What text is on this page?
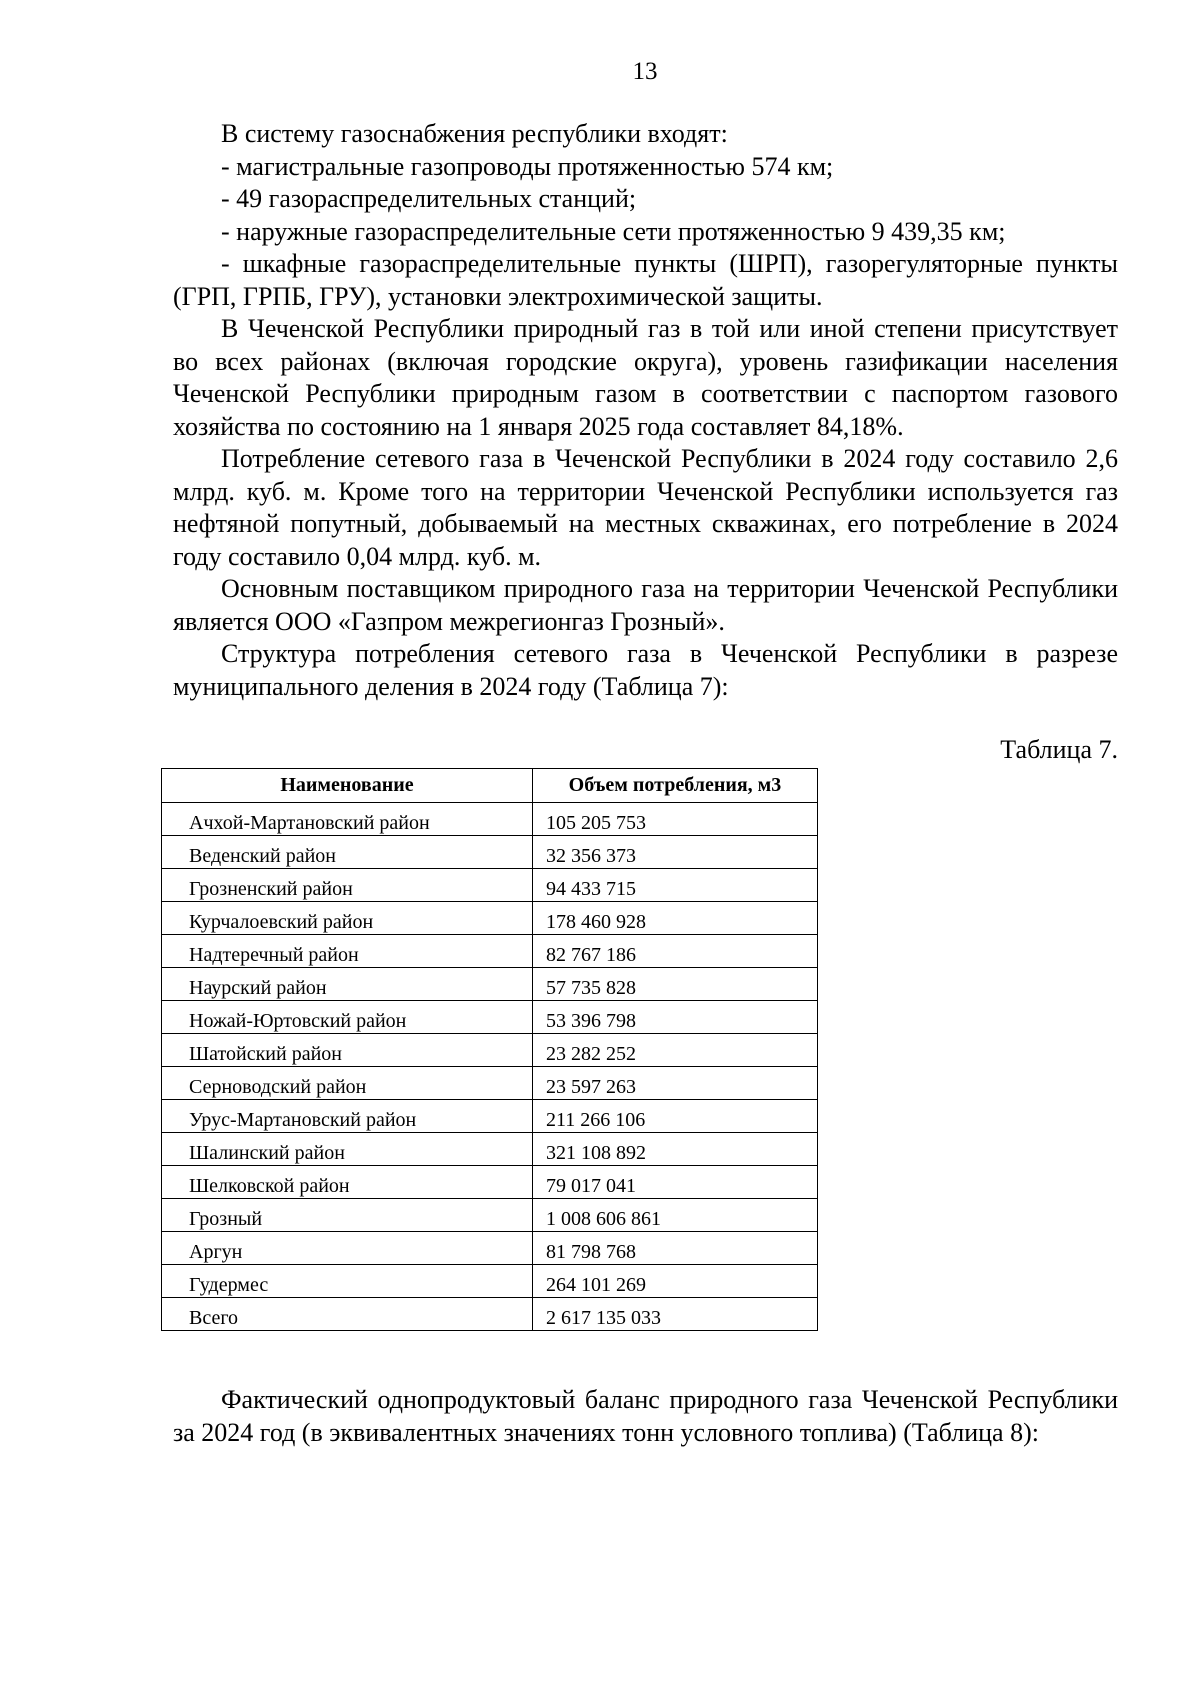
13

В систему газоснабжения республики входят:

- магистральные газопроводы протяженностью 574 км;

- 49 газораспределительных станций;

- наружные газораспределительные сети протяженностью 9 439,35 км;

- шкафные газораспределительные пункты (ШРП), газорегуляторные пункты (ГРП, ГРПБ, ГРУ), установки электрохимической защиты.

В Чеченской Республики природный газ в той или иной степени присутствует во всех районах (включая городские округа), уровень газификации населения Чеченской Республики природным газом в соответствии с паспортом газового хозяйства по состоянию на 1 января 2025 года составляет 84,18%.

Потребление сетевого газа в Чеченской Республики в 2024 году составило 2,6 млрд. куб. м. Кроме того на территории Чеченской Республики используется газ нефтяной попутный, добываемый на местных скважинах, его потребление в 2024 году составило 0,04 млрд. куб. м.

Основным поставщиком природного газа на территории Чеченской Республики является ООО «Газпром межрегионгаз Грозный».

Структура потребления сетевого газа в Чеченской Республики в разрезе муниципального деления в 2024 году (Таблица 7):

Таблица 7.
Наименование	Объем потребления, м3
Ачхой-Мартановский район	105 205 753
Веденский район	32 356 373
Грозненский район	94 433 715
Курчалоевский район	178 460 928
Надтеречный район	82 767 186
Наурский район	57 735 828
Ножай-Юртовский район	53 396 798
Шатойский район	23 282 252
Серноводский район	23 597 263
Урус-Мартановский район	211 266 106
Шалинский район	321 108 892
Шелковской район	79 017 041
Грозный	1 008 606 861
Аргун	81 798 768
Гудермес	264 101 269
Всего	2 617 135 033

Фактический однопродуктовый баланс природного газа Чеченской Республики за 2024 год (в эквивалентных значениях тонн условного топлива) (Таблица 8):
